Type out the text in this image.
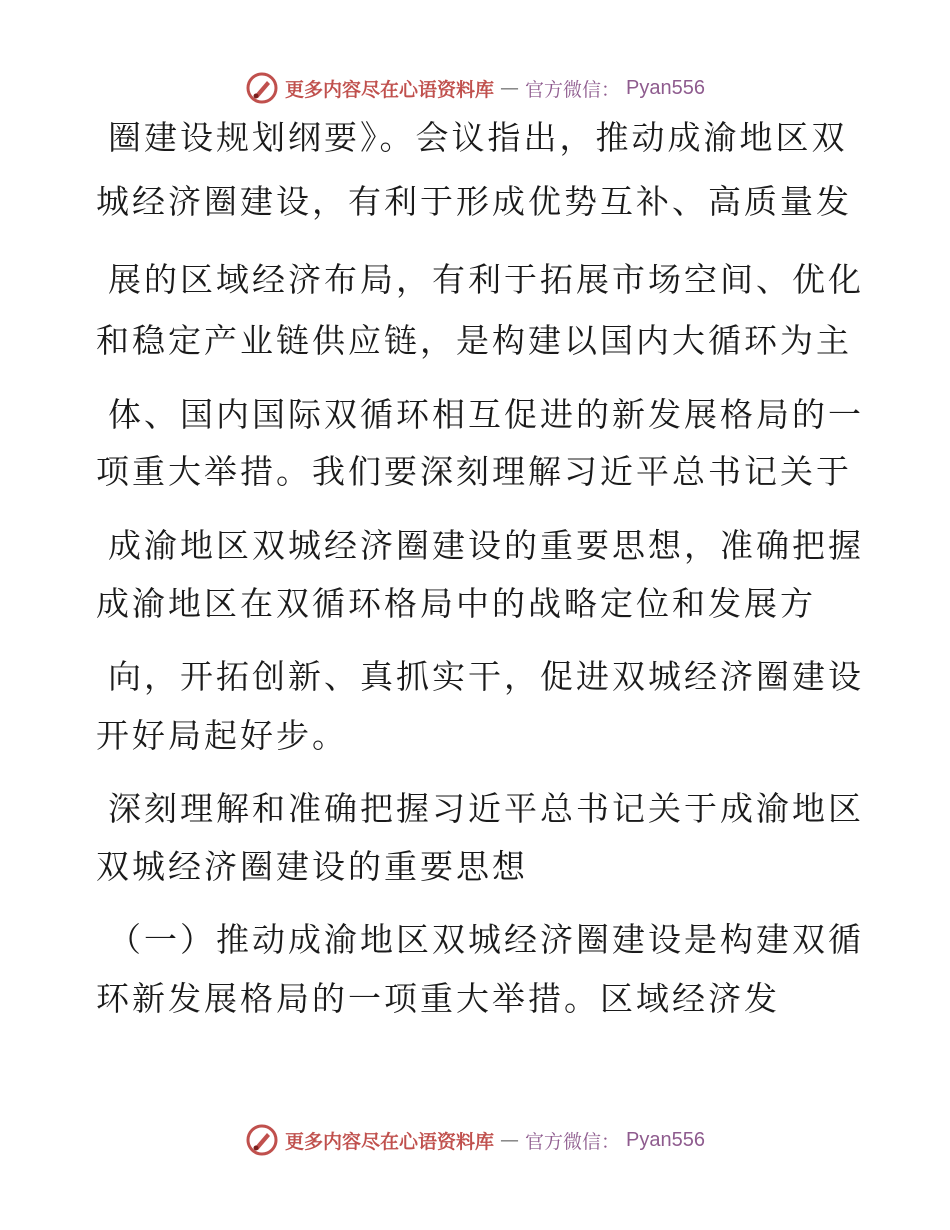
更多内容尽在心语资料库 — 官方微信： Pyan556
圈建设规划纲要》。会议指出，推动成渝地区双
城经济圈建设，有利于形成优势互补、高质量发
展的区域经济布局，有利于拓展市场空间、优化
和稳定产业链供应链，是构建以国内大循环为主
体、国内国际双循环相互促进的新发展格局的一
项重大举措。我们要深刻理解习近平总书记关于
成渝地区双城经济圈建设的重要思想，准确把握
成渝地区在双循环格局中的战略定位和发展方
向，开拓创新、真抓实干，促进双城经济圈建设
开好局起好步。
深刻理解和准确把握习近平总书记关于成渝地区
双城经济圈建设的重要思想
（一）推动成渝地区双城经济圈建设是构建双循
环新发展格局的一项重大举措。区域经济发
更多内容尽在心语资料库 — 官方微信： Pyan556
